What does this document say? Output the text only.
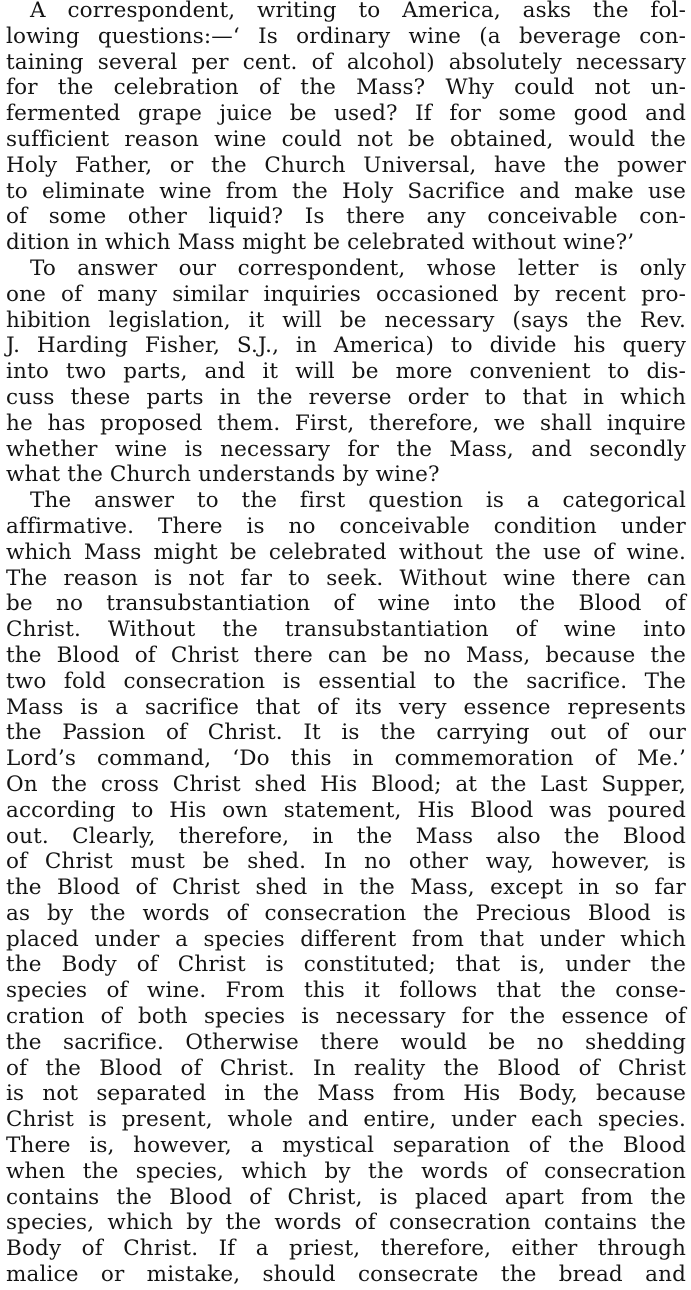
A correspondent, writing to America, asks the fol-
lowing questions:—‘ Is ordinary wine (a beverage con-
taining several per cent. of alcohol) absolutely necessary
for the celebration of the Mass? Why could not un-
fermented grape juice be used? If for some good and
sufficient reason wine could not be obtained, would the
Holy Father, or the Church Universal, have the power
to eliminate wine from the Holy Sacrifice and make use
of some other liquid? Is there any conceivable con-
dition in which Mass might be celebrated without wine?’
To answer our correspondent, whose letter is only
one of many similar inquiries occasioned by recent pro-
hibition legislation, it will be necessary (says the Rev.
J. Harding Fisher, S.J., in America) to divide his query
into two parts, and it will be more convenient to dis-
cuss these parts in the reverse order to that in which
he has proposed them. First, therefore, we shall inquire
whether wine is necessary for the Mass, and secondly
what the Church understands by wine?
The answer to the first question is a categorical
affirmative. There is no conceivable condition under
which Mass might be celebrated without the use of wine.
The reason is not far to seek. Without wine there can
be no transubstantiation of wine into the Blood of
Christ. Without the transubstantiation of wine into
the Blood of Christ there can be no Mass, because the
two fold consecration is essential to the sacrifice. The
Mass is a sacrifice that of its very essence represents
the Passion of Christ. It is the carrying out of our
Lord’s command, ‘Do this in commemoration of Me.’
On the cross Christ shed His Blood; at the Last Supper,
according to His own statement, His Blood was poured
out. Clearly, therefore, in the Mass also the Blood
of Christ must be shed. In no other way, however, is
the Blood of Christ shed in the Mass, except in so far
as by the words of consecration the Precious Blood is
placed under a species different from that under which
the Body of Christ is constituted; that is, under the
species of wine. From this it follows that the conse-
cration of both species is necessary for the essence of
the sacrifice. Otherwise there would be no shedding
of the Blood of Christ. In reality the Blood of Christ
is not separated in the Mass from His Body, because
Christ is present, whole and entire, under each species.
There is, however, a mystical separation of the Blood
when the species, which by the words of consecration
contains the Blood of Christ, is placed apart from the
species, which by the words of consecration contains the
Body of Christ. If a priest, therefore, either through
malice or mistake, should consecrate the bread and
